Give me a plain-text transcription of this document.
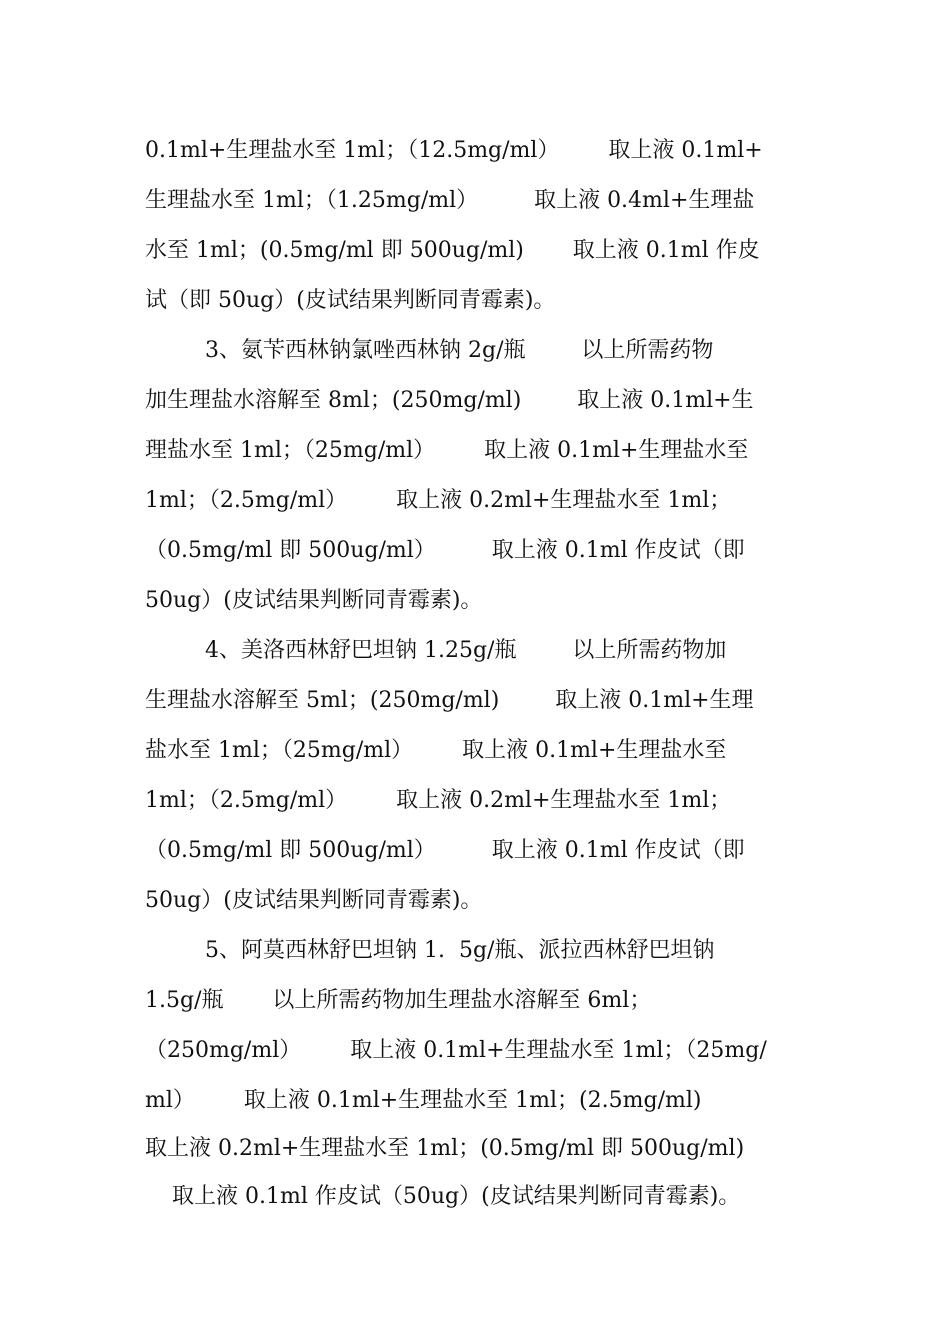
0.1ml+生理盐水至 1ml；（12.5mg/ml）       取上液 0.1ml+
生理盐水至 1ml；（1.25mg/ml）        取上液 0.4ml+生理盐
水至 1ml；(0.5mg/ml 即 500ug/ml)       取上液 0.1ml 作皮
试（即 50ug）(皮试结果判断同青霉素)。
3、氨苄西林钠氯唑西林钠 2g/瓶        以上所需药物
加生理盐水溶解至 8ml；(250mg/ml)        取上液 0.1ml+生
理盐水至 1ml；（25mg/ml）       取上液 0.1ml+生理盐水至
1ml；（2.5mg/ml）       取上液 0.2ml+生理盐水至 1ml；
（0.5mg/ml 即 500ug/ml）        取上液 0.1ml 作皮试（即
50ug）(皮试结果判断同青霉素)。
4、美洛西林舒巴坦钠 1.25g/瓶        以上所需药物加
生理盐水溶解至 5ml；(250mg/ml)        取上液 0.1ml+生理
盐水至 1ml；（25mg/ml）       取上液 0.1ml+生理盐水至
1ml；（2.5mg/ml）       取上液 0.2ml+生理盐水至 1ml；
（0.5mg/ml 即 500ug/ml）        取上液 0.1ml 作皮试（即
50ug）(皮试结果判断同青霉素)。
5、阿莫西林舒巴坦钠 1.  5g/瓶、派拉西林舒巴坦钠
1.5g/瓶       以上所需药物加生理盐水溶解至 6ml；
（250mg/ml）       取上液 0.1ml+生理盐水至 1ml；（25mg/
ml）       取上液 0.1ml+生理盐水至 1ml；(2.5mg/ml)
取上液 0.2ml+生理盐水至 1ml；(0.5mg/ml 即 500ug/ml)
取上液 0.1ml 作皮试（50ug）(皮试结果判断同青霉素)。
